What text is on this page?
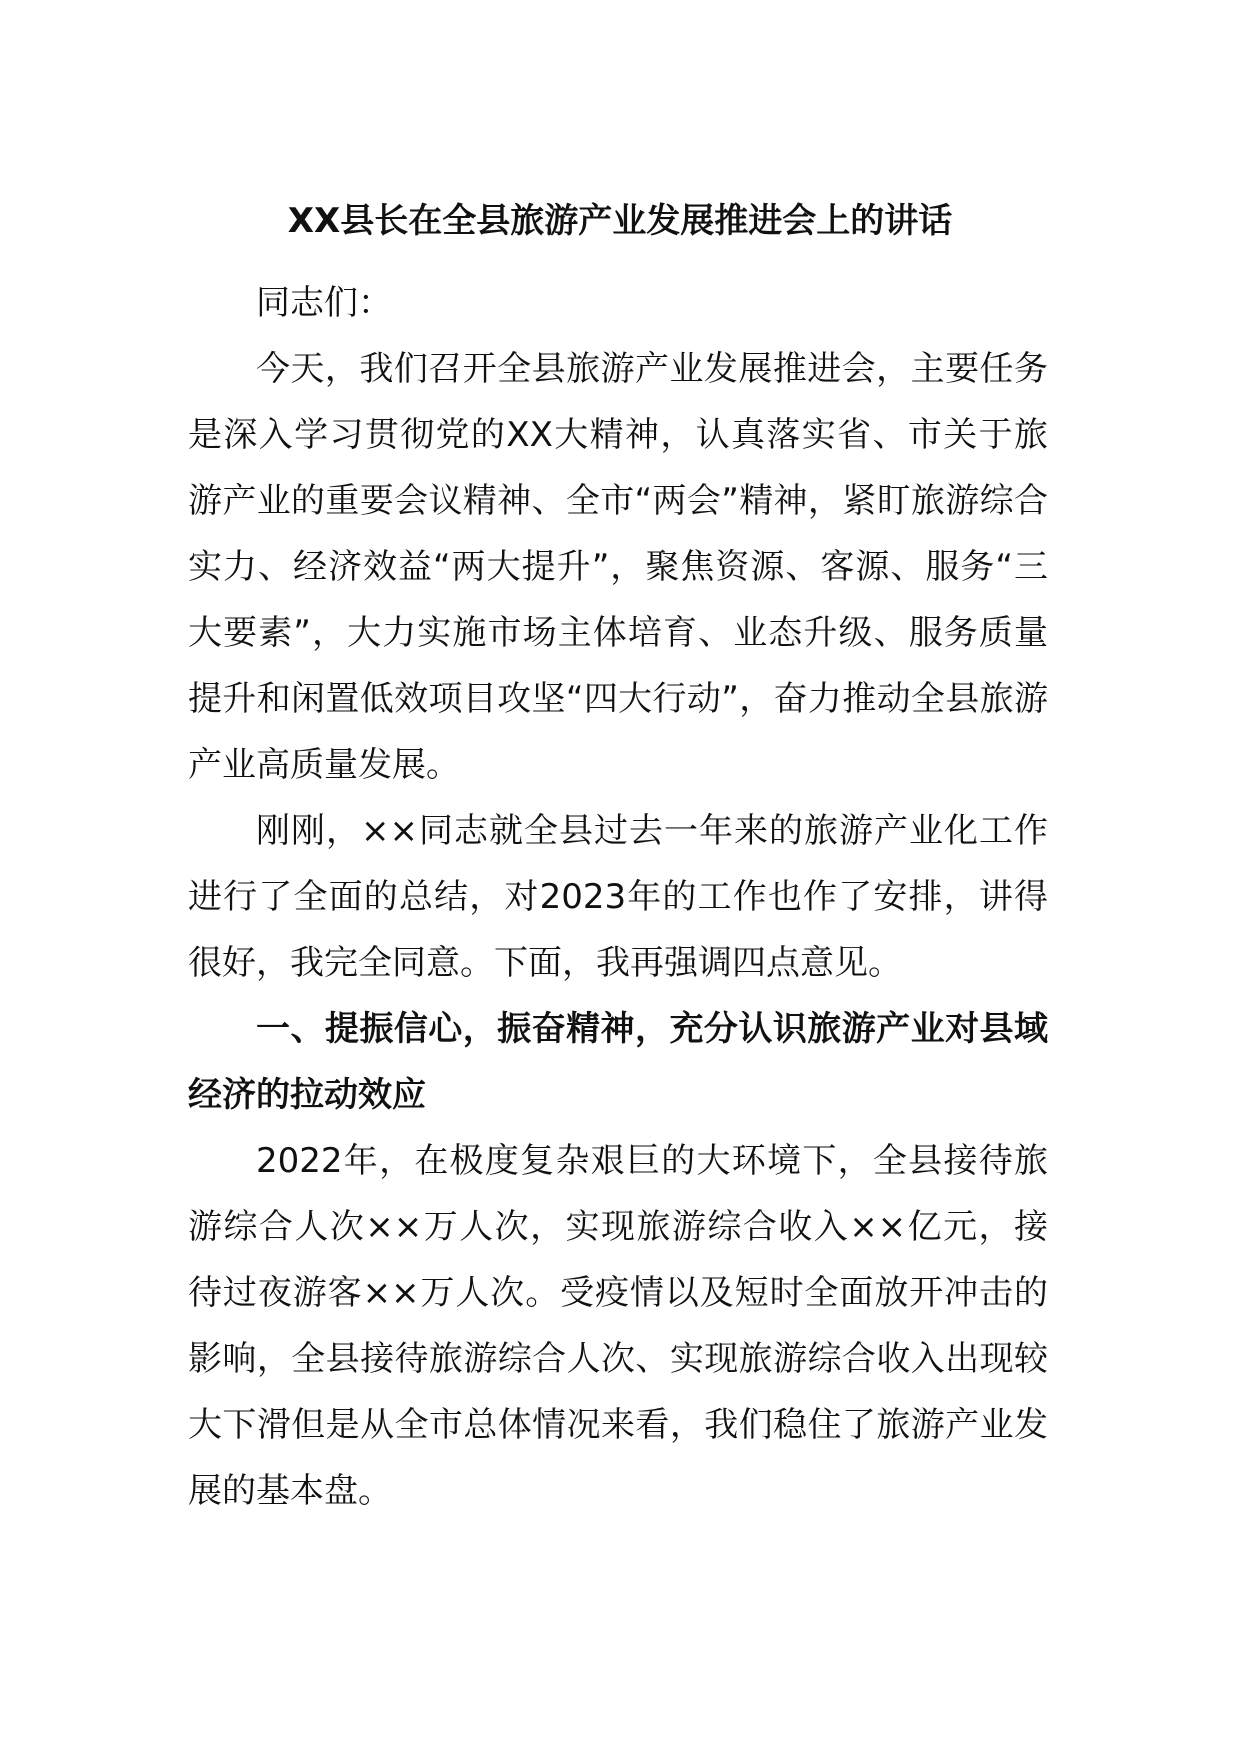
XX县长在全县旅游产业发展推进会上的讲话

同志们：

今天，我们召开全县旅游产业发展推进会，主要任务是深入学习贯彻党的XX大精神，认真落实省、市关于旅游产业的重要会议精神、全市“两会”精神，紧盯旅游综合实力、经济效益“两大提升”，聚焦资源、客源、服务“三大要素”，大力实施市场主体培育、业态升级、服务质量提升和闲置低效项目攻坚“四大行动”，奋力推动全县旅游产业高质量发展。

刚刚，××同志就全县过去一年来的旅游产业化工作进行了全面的总结，对2023年的工作也作了安排，讲得很好，我完全同意。下面，我再强调四点意见。

一、提振信心，振奋精神，充分认识旅游产业对县域经济的拉动效应

2022年，在极度复杂艰巨的大环境下，全县接待旅游综合人次××万人次，实现旅游综合收入××亿元，接待过夜游客××万人次。受疫情以及短时全面放开冲击的影响，全县接待旅游综合人次、实现旅游综合收入出现较大下滑但是从全市总体情况来看，我们稳住了旅游产业发展的基本盘。
